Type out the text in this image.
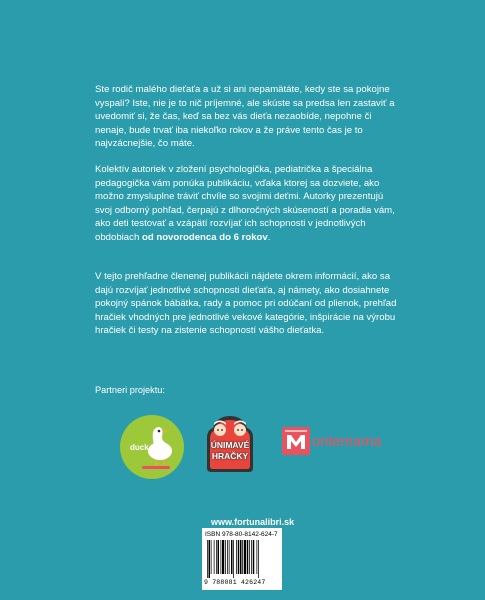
Ste rodič malého dieťaťa a už si ani nepamätáte, kedy ste sa pokojne vyspali? Iste, nie je to nič príjemné, ale skúste sa predsa len zastaviť a uvedomiť si, že čas, keď sa bez vás dieťa nezaobíde, nepohne či nenaje, bude trvať iba niekoľko rokov a že práve tento čas je to najvzácnejšie, čo máte.

Kolektív autoriek v zložení psychologička, pediatrička a špeciálna pedagogička vám ponúka publikáciu, vďaka ktorej sa dozviete, ako možno zmysluplne tráviť chvíle so svojimi deťmi. Autorky prezentujú svoj odborný pohľad, čerpajú z dlhoročných skúseností a poradia vám, ako deti testovať a vzápätí rozvíjať ich schopnosti v jednotlivých obdobiach od novorodenca do 6 rokov.

V tejto prehľadne členenej publikácii nájdete okrem informácií, ako sa dajú rozvíjať jednotlivé schopnosti dieťaťa, aj námety, ako dosiahnete pokojný spánok bábätka, rady a pomoc pri odúčaní od plienok, prehľad hračiek vhodných pre jednotlivé vekové kategórie, inšpirácie na výrobu hračiek či testy na zistenie schopností vášho dieťatka.

Partneri projektu:
duck	ÚNIMAVÉ
HRAČKY
ontemama
www.fortunalibri.sk
ISBN 978-80-8142-624-7
9 788081 426247
